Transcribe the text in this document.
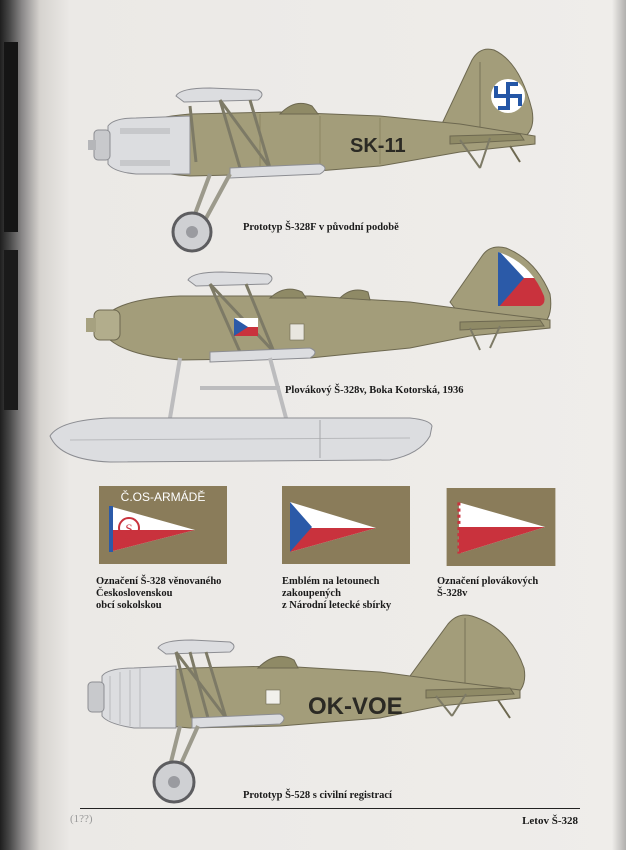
SK-11
Prototyp Š-328F v původní podobě
Plovákový Š-328v, Boka Kotorská, 1936
Č.OS-ARMÁDĚ
S
Označení Š-328 věnovaného
Československou
obcí sokolskou
Emblém na letounech
zakoupených
z Národní letecké sbírky
Označení plovákových
Š-328v
OK-VOE
Prototyp Š-528 s civilní registrací
(1??)	Letov Š-328
